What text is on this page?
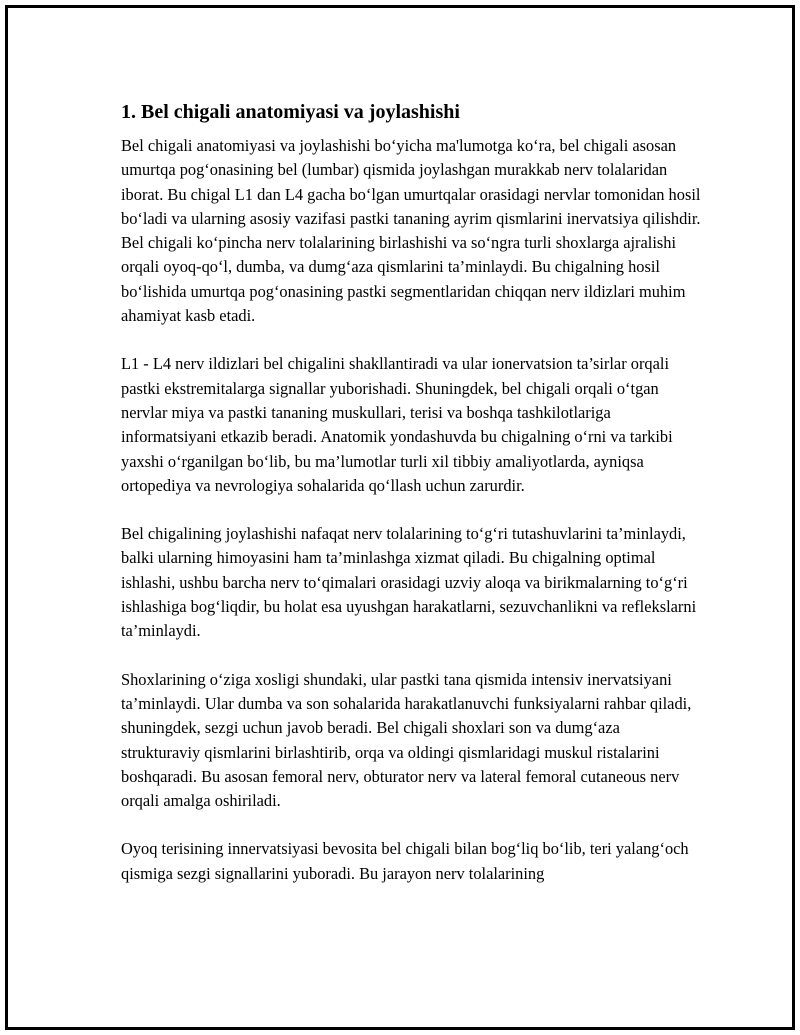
1. Bel chigali anatomiyasi va joylashishi

Bel chigali anatomiyasi va joylashishi bo‘yicha ma'lumotga ko‘ra, bel chigali asosan umurtqa pog‘onasining bel (lumbar) qismida joylashgan murakkab nerv tolalaridan iborat. Bu chigal L1 dan L4 gacha bo‘lgan umurtqalar orasidagi nervlar tomonidan hosil bo‘ladi va ularning asosiy vazifasi pastki tananing ayrim qismlarini inervatsiya qilishdir. Bel chigali ko‘pincha nerv tolalarining birlashishi va so‘ngra turli shoxlarga ajralishi orqali oyoq-qo‘l, dumba, va dumg‘aza qismlarini ta’minlaydi. Bu chigalning hosil bo‘lishida umurtqa pog‘onasining pastki segmentlaridan chiqqan nerv ildizlari muhim ahamiyat kasb etadi.

L1 - L4 nerv ildizlari bel chigalini shakllantiradi va ular ionervatsion ta’sirlar orqali pastki ekstremitalarga signallar yuborishadi. Shuningdek, bel chigali orqali o‘tgan nervlar miya va pastki tananing muskullari, terisi va boshqa tashkilotlariga informatsiyani etkazib beradi. Anatomik yondashuvda bu chigalning o‘rni va tarkibi yaxshi o‘rganilgan bo‘lib, bu ma’lumotlar turli xil tibbiy amaliyotlarda, ayniqsa ortopediya va nevrologiya sohalarida qo‘llash uchun zarurdir.

Bel chigalining joylashishi nafaqat nerv tolalarining to‘g‘ri tutashuvlarini ta’minlaydi, balki ularning himoyasini ham ta’minlashga xizmat qiladi. Bu chigalning optimal ishlashi, ushbu barcha nerv to‘qimalari orasidagi uzviy aloqa va birikmalarning to‘g‘ri ishlashiga bog‘liqdir, bu holat esa uyushgan harakatlarni, sezuvchanlikni va reflekslarni ta’minlaydi.

Shoxlarining o‘ziga xosligi shundaki, ular pastki tana qismida intensiv inervatsiyani ta’minlaydi. Ular dumba va son sohalarida harakatlanuvchi funksiyalarni rahbar qiladi, shuningdek, sezgi uchun javob beradi. Bel chigali shoxlari son va dumg‘aza strukturaviy qismlarini birlashtirib, orqa va oldingi qismlaridagi muskul ristalarini boshqaradi. Bu asosan femoral nerv, obturator nerv va lateral femoral cutaneous nerv orqali amalga oshiriladi.

Oyoq terisining innervatsiyasi bevosita bel chigali bilan bog‘liq bo‘lib, teri yalang‘och qismiga sezgi signallarini yuboradi. Bu jarayon nerv tolalarining
